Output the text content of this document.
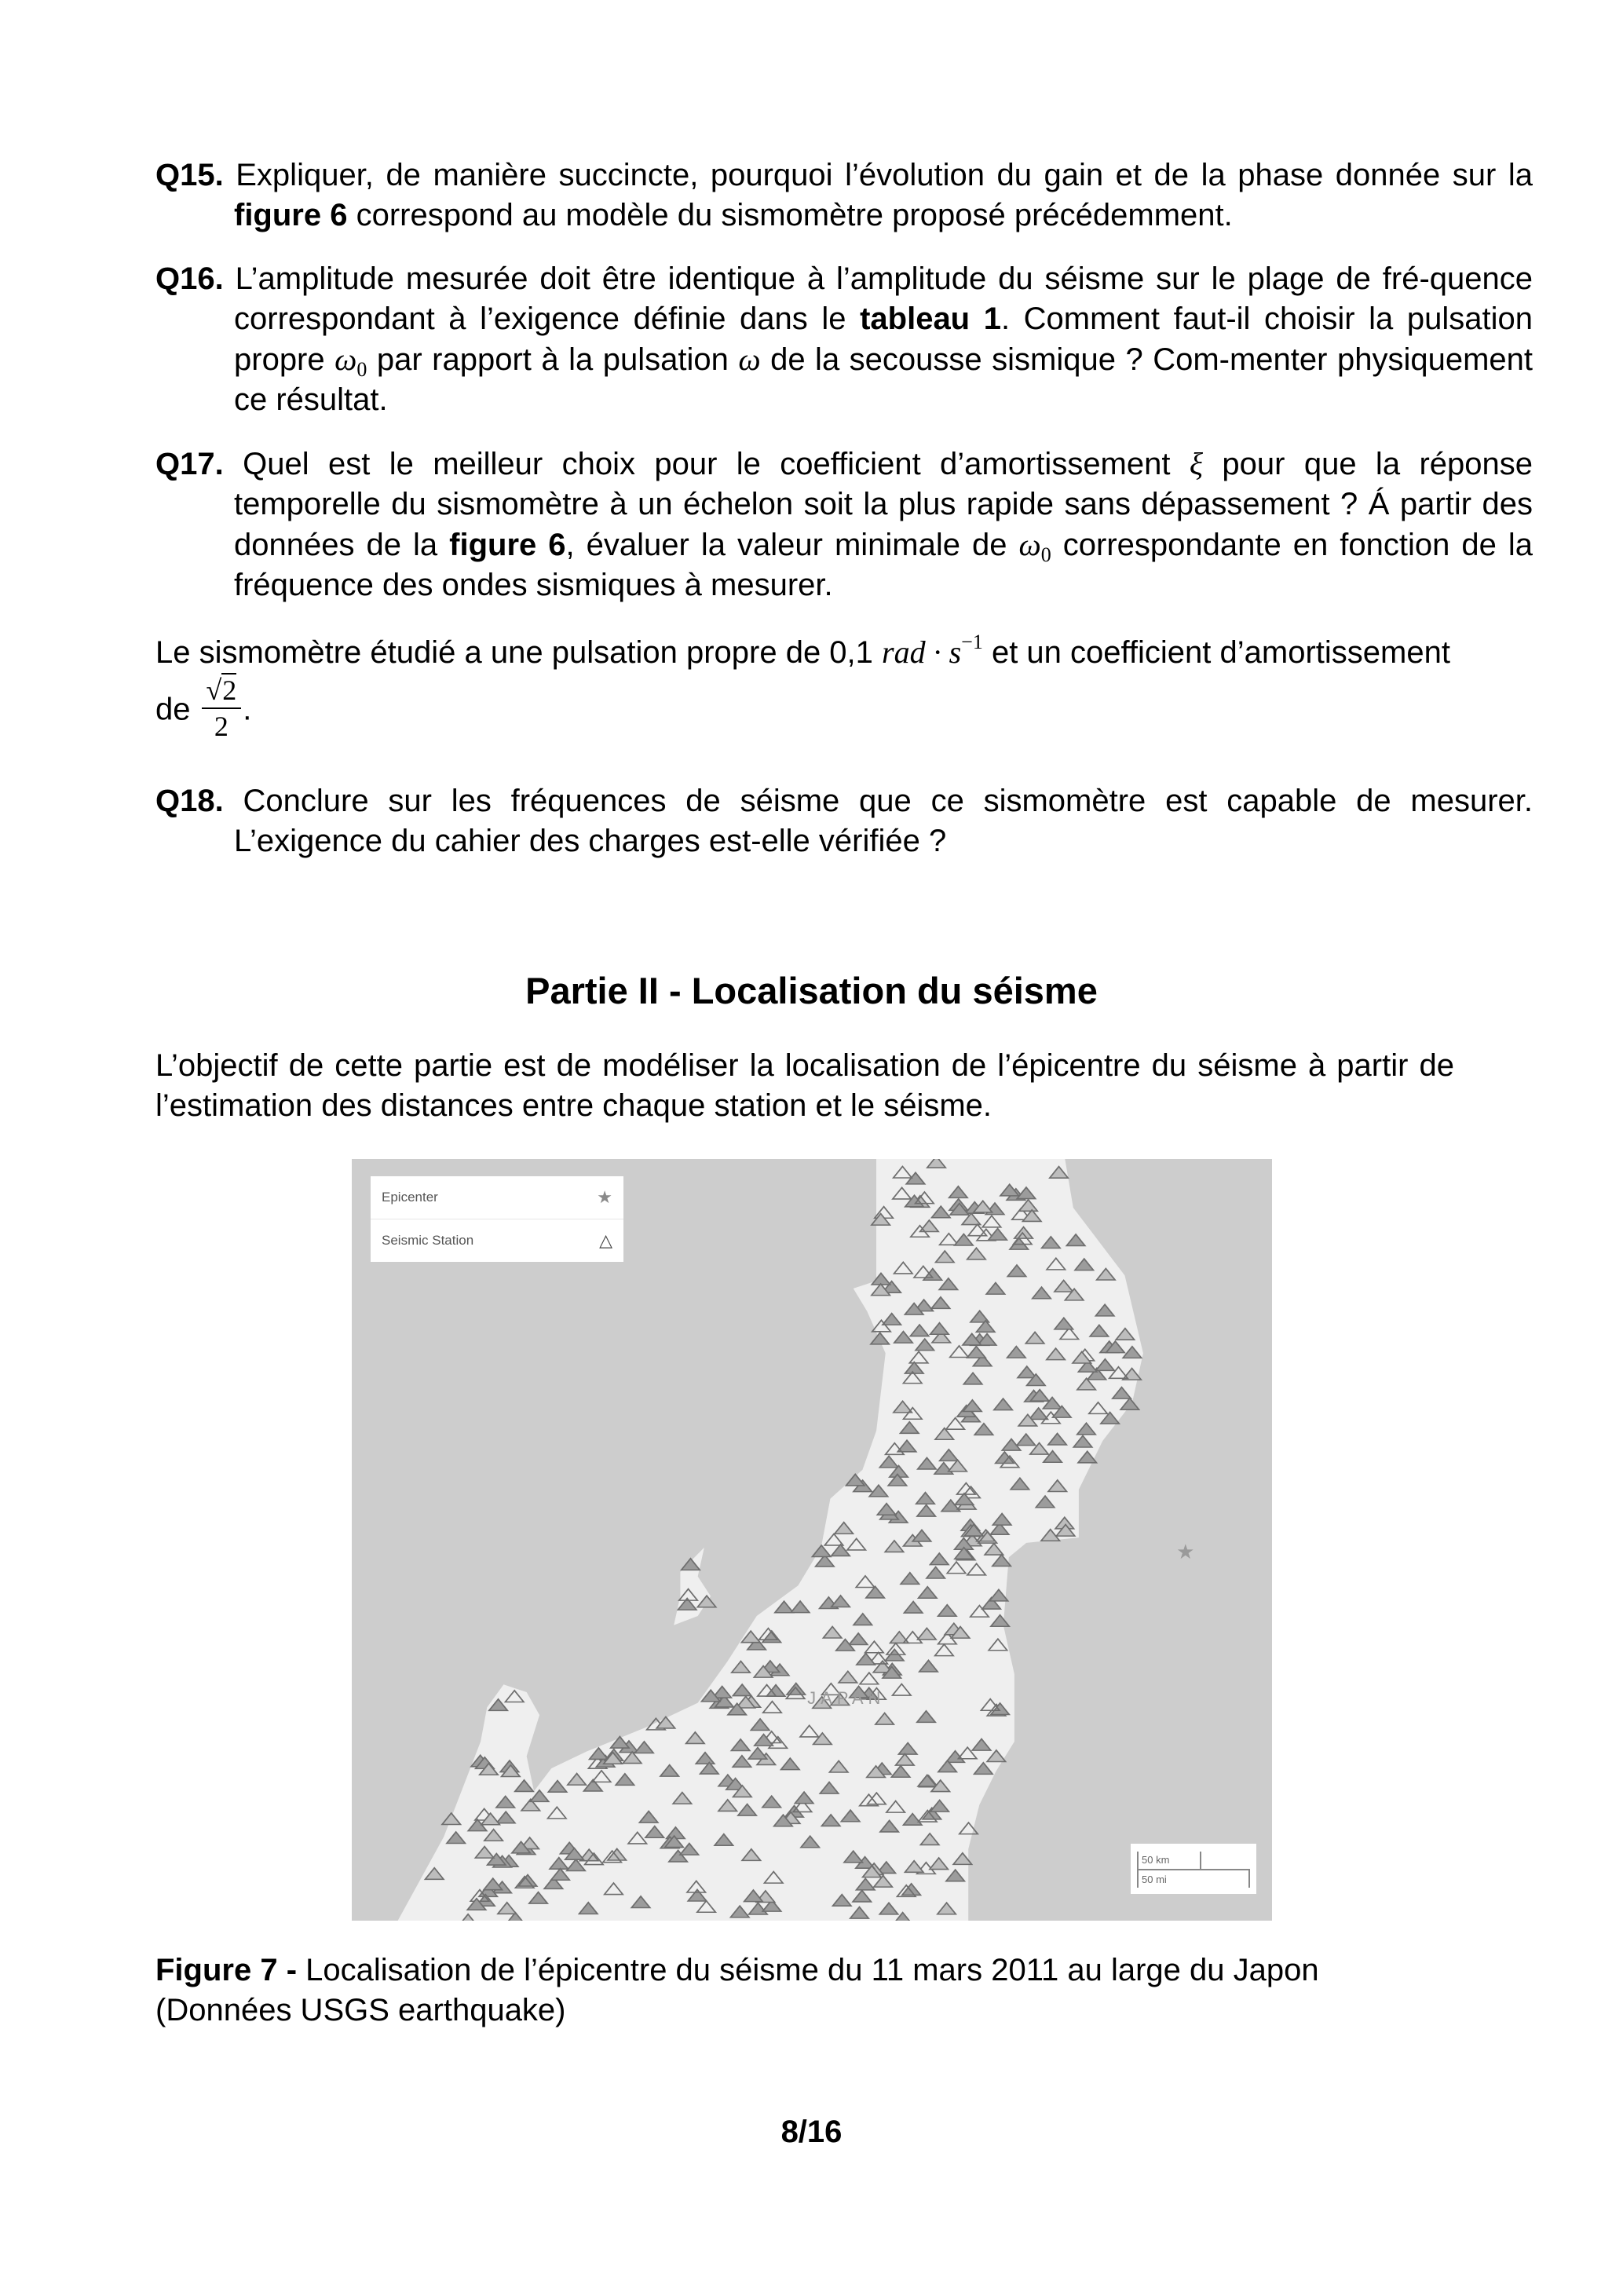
Q15. Expliquer, de manière succincte, pourquoi l’évolution du gain et de la phase donnée sur la figure 6 correspond au modèle du sismomètre proposé précédemment.
Q16. L’amplitude mesurée doit être identique à l’amplitude du séisme sur le plage de fré-quence correspondant à l’exigence définie dans le tableau 1. Comment faut-il choisir la pulsation propre $\omega_0$ par rapport à la pulsation ω de la secousse sismique ? Com-menter physiquement ce résultat.
Q17. Quel est le meilleur choix pour le coefficient d’amortissement ξ pour que la réponse temporelle du sismomètre à un échelon soit la plus rapide sans dépassement ? Á partir des données de la figure 6, évaluer la valeur minimale de $\omega_0$ correspondante en fonction de la fréquence des ondes sismiques à mesurer.
Le sismomètre étudié a une pulsation propre de 0,1 rad · $s^{-1}$ et un coefficient d’amortissement
de $\frac{√2}{2}$ .
Q18. Conclure sur les fréquences de séisme que ce sismomètre est capable de mesurer. L’exigence du cahier des charges est-elle vérifiée ?
Partie II - Localisation du séisme
L’objectif de cette partie est de modéliser la localisation de l’épicentre du séisme à partir de l’estimation des distances entre chaque station et le séisme.
Epicenter	★
Seismic Station	△
JAPAN
★
50 km
50 mi
Figure 7 - Localisation de l’épicentre du séisme du 11 mars 2011 au large du Japon (Données USGS earthquake)
8/16
